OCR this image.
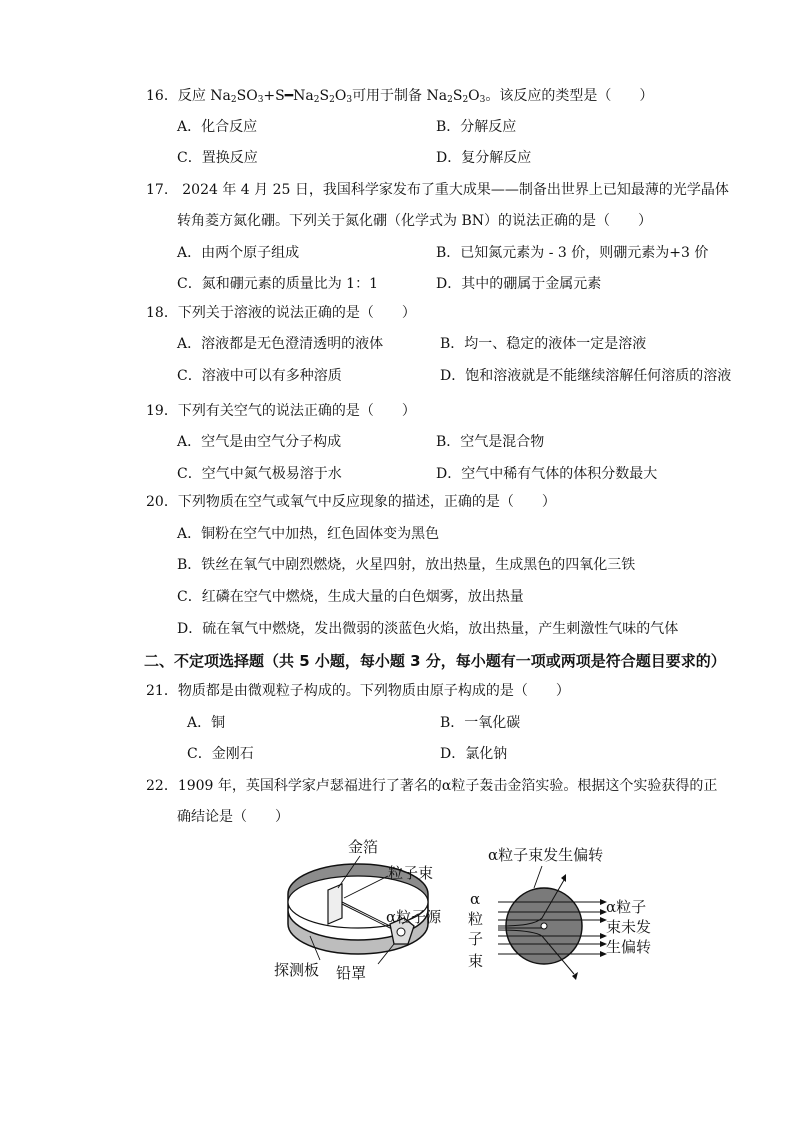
16．反应 $Na_2SO_3+S━Na_2S_2O_3$可用于制备 $Na_2S_2O_3$。该反应的类型是（　　）
A．化合反应	B．分解反应
C．置换反应	D．复分解反应
17.　2024 年 4 月 25 日，我国科学家发布了重大成果——制备出世界上已知最薄的光学晶体
转角菱方氮化硼。下列关于氮化硼（化学式为 BN）的说法正确的是（　　）
A．由两个原子组成	B．已知氮元素为 - 3 价，则硼元素为+3 价
C．氮和硼元素的质量比为 1：1	D．其中的硼属于金属元素
18．下列关于溶液的说法正确的是（　　）
A．溶液都是无色澄清透明的液体	B．均一、稳定的液体一定是溶液
C．溶液中可以有多种溶质	D．饱和溶液就是不能继续溶解任何溶质的溶液
19．下列有关空气的说法正确的是（　　）
A．空气是由空气分子构成	B．空气是混合物
C．空气中氮气极易溶于水	D．空气中稀有气体的体积分数最大
20．下列物质在空气或氧气中反应现象的描述，正确的是（　　）
A．铜粉在空气中加热，红色固体变为黑色
B．铁丝在氧气中剧烈燃烧，火星四射，放出热量，生成黑色的四氧化三铁
C．红磷在空气中燃烧，生成大量的白色烟雾，放出热量
D．硫在氧气中燃烧，发出微弱的淡蓝色火焰，放出热量，产生刺激性气味的气体
二、不定项选择题（共 5 小题，每小题 3 分，每小题有一项或两项是符合题目要求的）
21．物质都是由微观粒子构成的。下列物质由原子构成的是（　　）
A．铜	B．一氧化碳
C．金刚石	D．氯化钠
22．1909 年，英国科学家卢瑟福进行了著名的α粒子轰击金箔实验。根据这个实验获得的正
确结论是（　　）
金箔
粒子束
α粒子源
探测板 铅罩
α粒子束发生偏转
α
粒
子
束
α粒子
束未发
生偏转
